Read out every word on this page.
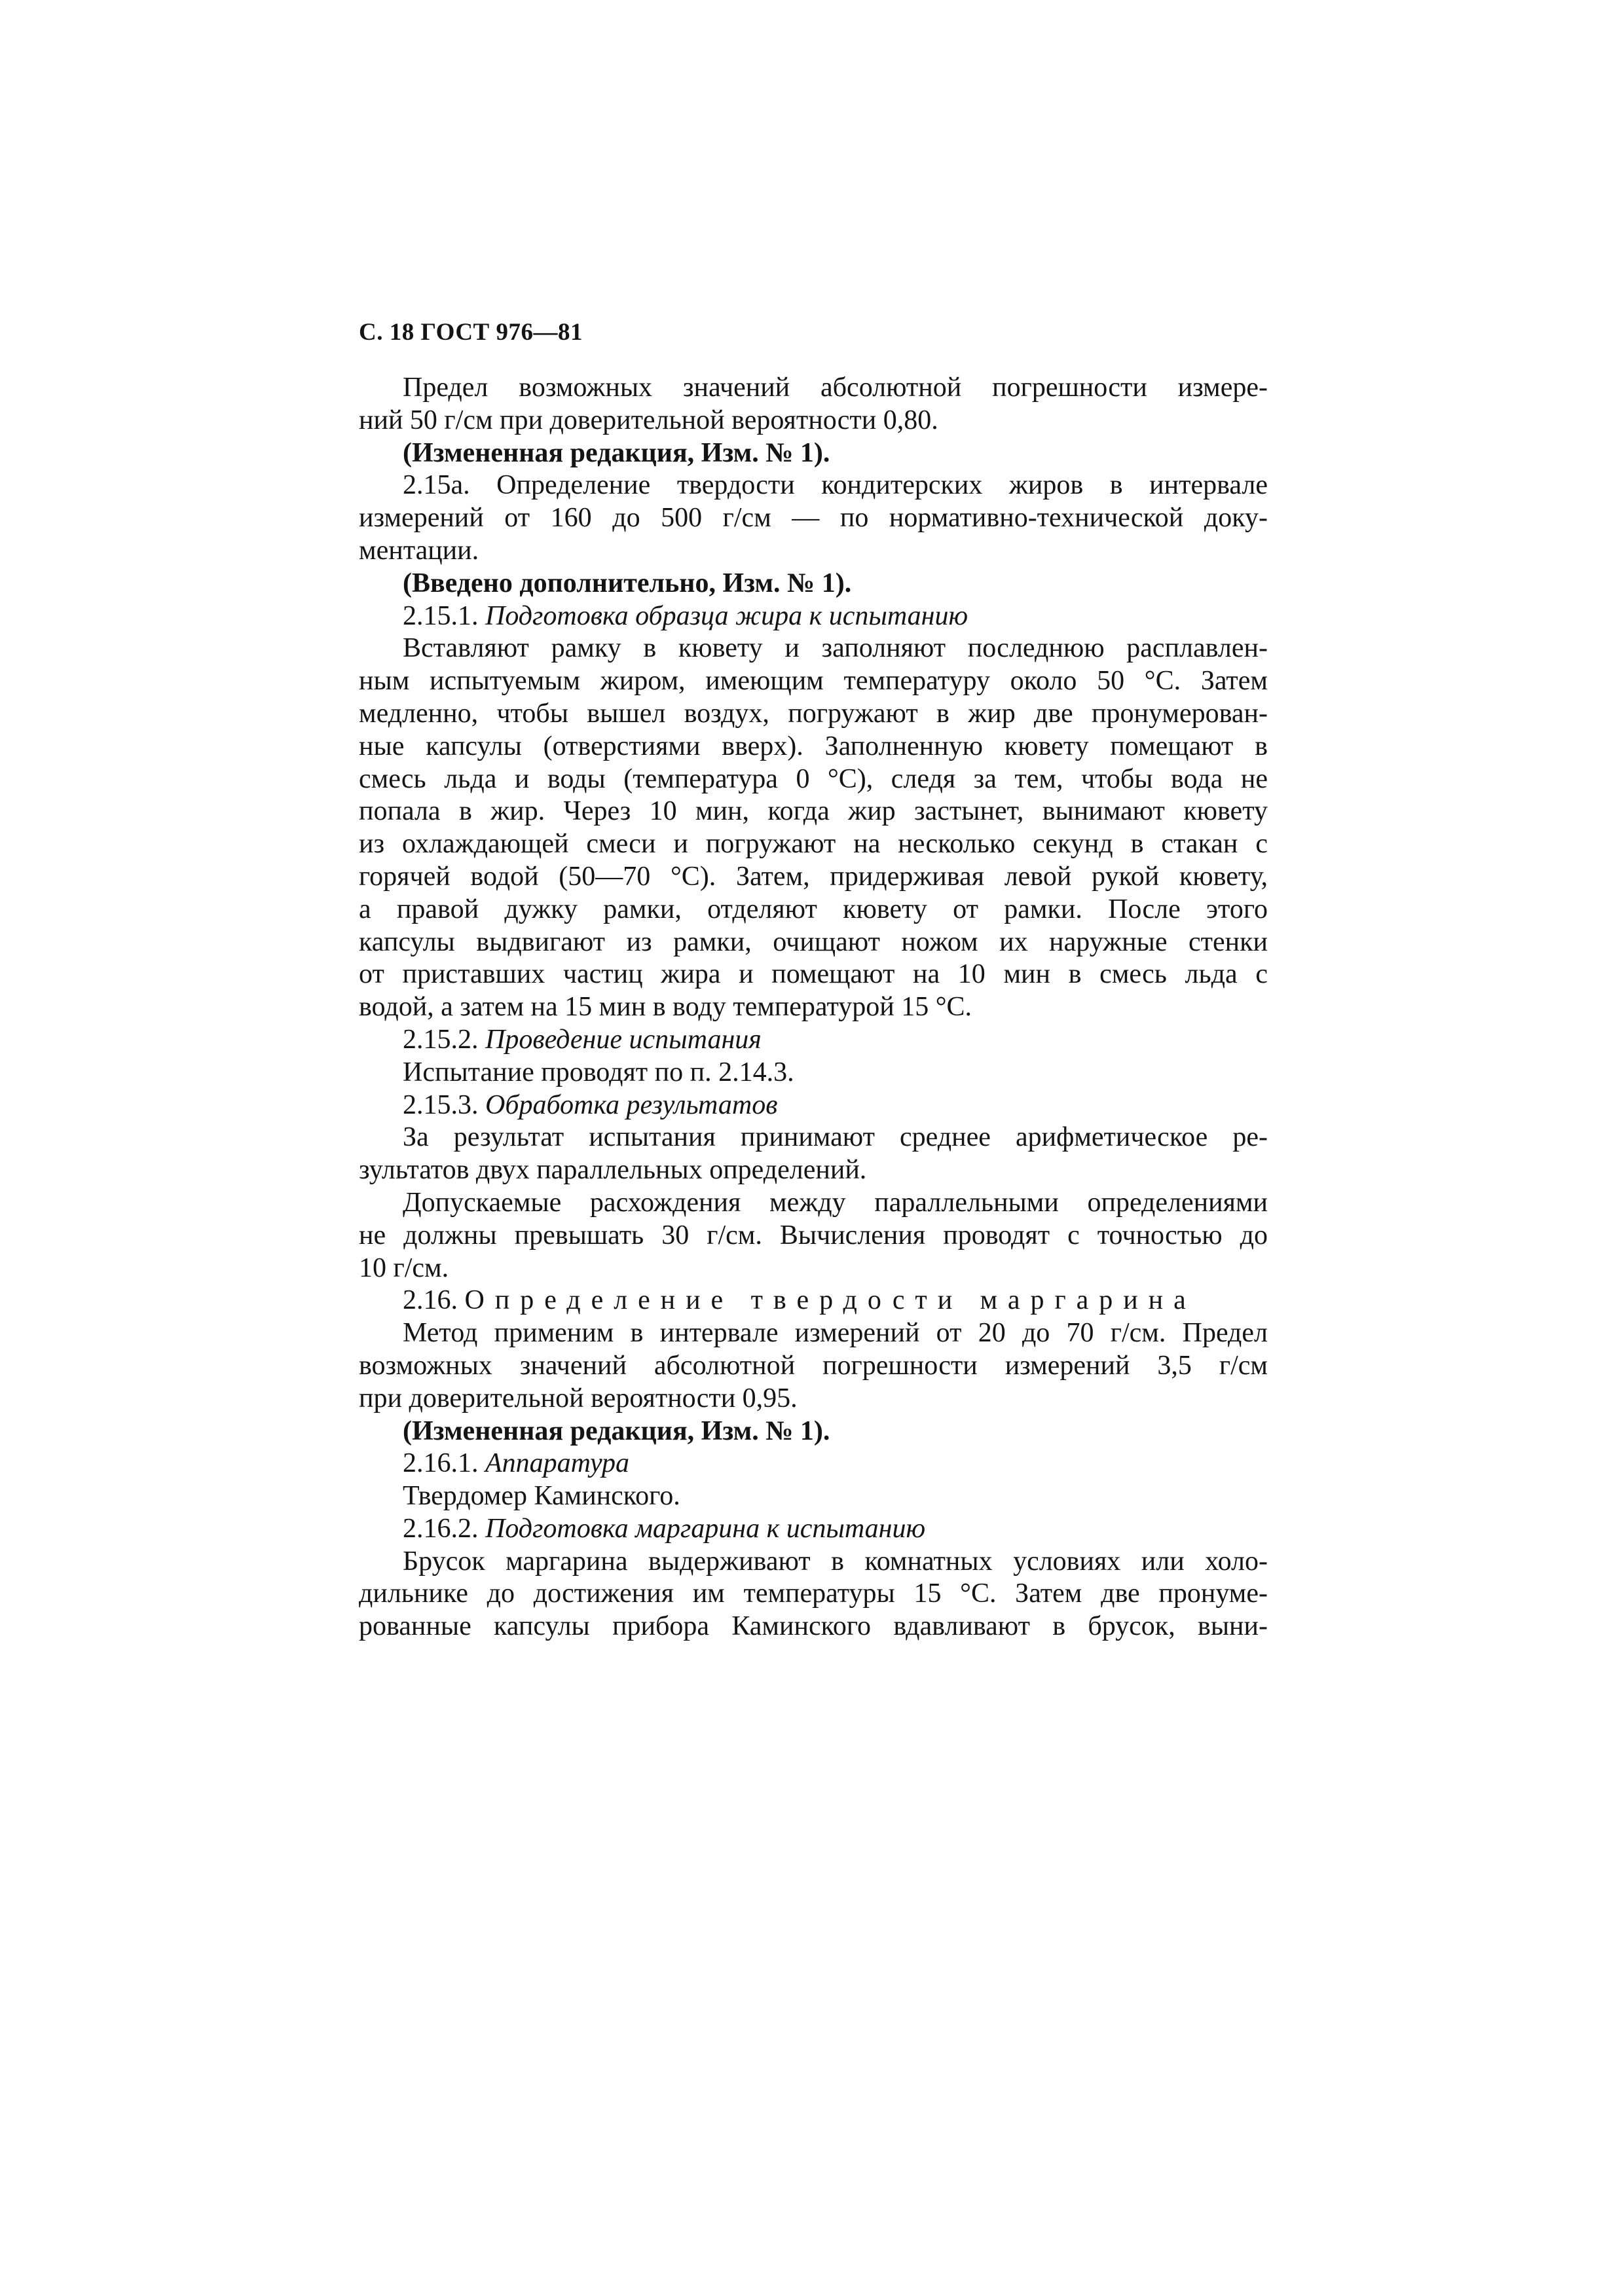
С. 18 ГОСТ 976—81

Предел возможных значений абсолютной погрешности измере-

ний 50 г/см при доверительной вероятности 0,80.

(Измененная редакция, Изм. № 1).

2.15а. Определение твердости кондитерских жиров в интервале

измерений от 160 до 500 г/см — по нормативно-технической доку-

ментации.

(Введено дополнительно, Изм. № 1).

2.15.1. Подготовка образца жира к испытанию

Вставляют рамку в кювету и заполняют последнюю расплавлен-

ным испытуемым жиром, имеющим температуру около 50 °С. Затем

медленно, чтобы вышел воздух, погружают в жир две пронумерован-

ные капсулы (отверстиями вверх). Заполненную кювету помещают в

смесь льда и воды (температура 0 °С), следя за тем, чтобы вода не

попала в жир. Через 10 мин, когда жир застынет, вынимают кювету

из охлаждающей смеси и погружают на несколько секунд в стакан с

горячей водой (50—70 °С). Затем, придерживая левой рукой кювету,

а правой дужку рамки, отделяют кювету от рамки. После этого

капсулы выдвигают из рамки, очищают ножом их наружные стенки

от приставших частиц жира и помещают на 10 мин в смесь льда с

водой, а затем на 15 мин в воду температурой 15 °С.

2.15.2. Проведение испытания

Испытание проводят по п. 2.14.3.

2.15.3. Обработка результатов

За результат испытания принимают среднее арифметическое ре-

зультатов двух параллельных определений.

Допускаемые расхождения между параллельными определениями

не должны превышать 30 г/см. Вычисления проводят с точностью до

10 г/см.

2.16. Определение твердости маргарина

Метод применим в интервале измерений от 20 до 70 г/см. Предел

возможных значений абсолютной погрешности измерений 3,5 г/см

при доверительной вероятности 0,95.

(Измененная редакция, Изм. № 1).

2.16.1. Аппаратура

Твердомер Каминского.

2.16.2. Подготовка маргарина к испытанию

Брусок маргарина выдерживают в комнатных условиях или холо-

дильнике до достижения им температуры 15 °С. Затем две пронуме-

рованные капсулы прибора Каминского вдавливают в брусок, выни-
